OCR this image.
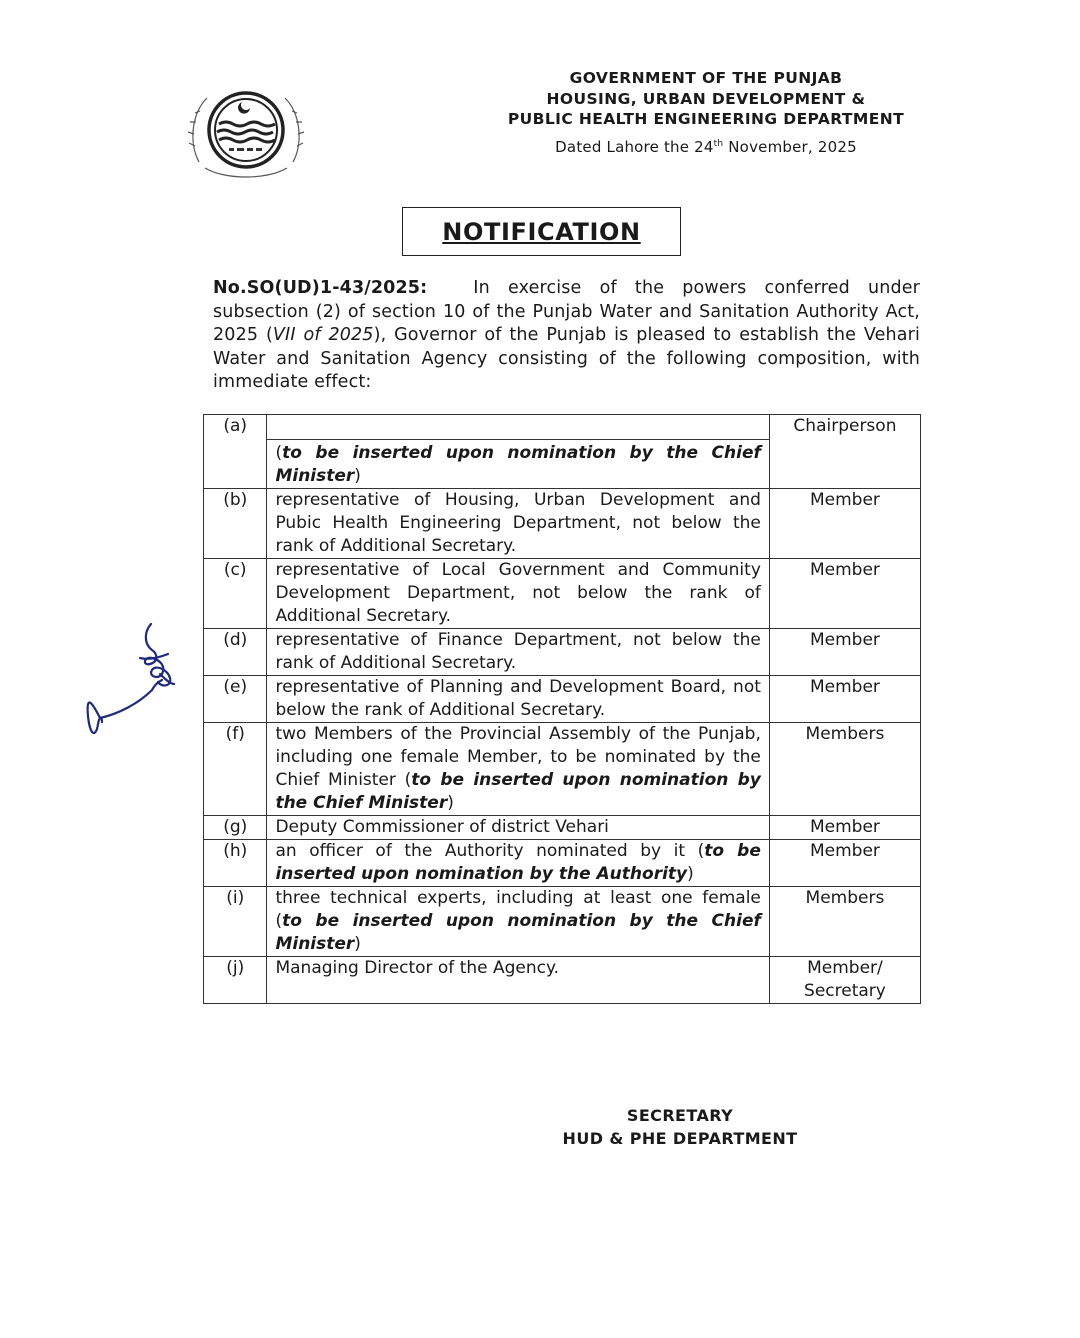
GOVERNMENT OF THE PUNJAB
HOUSING, URBAN DEVELOPMENT &
PUBLIC HEALTH ENGINEERING DEPARTMENT
Dated Lahore the 24th November, 2025
NOTIFICATION
No.SO(UD)1-43/2025:	In exercise of the powers conferred under subsection (2) of section 10 of the Punjab Water and Sanitation Authority Act, 2025 (VII of 2025), Governor of the Punjab is pleased to establish the Vehari Water and Sanitation Agency consisting of the following composition, with immediate effect:
(a)	(to be inserted upon nomination by the Chief Minister)	Chairperson
(b)	representative of Housing, Urban Development and Pubic Health Engineering Department, not below the rank of Additional Secretary.	Member
(c)	representative of Local Government and Community Development Department, not below the rank of Additional Secretary.	Member
(d)	representative of Finance Department, not below the rank of Additional Secretary.	Member
(e)	representative of Planning and Development Board, not below the rank of Additional Secretary.	Member
(f)	two Members of the Provincial Assembly of the Punjab, including one female Member, to be nominated by the Chief Minister (to be inserted upon nomination by the Chief Minister)	Members
(g)	Deputy Commissioner of district Vehari	Member
(h)	an officer of the Authority nominated by it (to be inserted upon nomination by the Authority)	Member
(i)	three technical experts, including at least one female (to be inserted upon nomination by the Chief Minister)	Members
(j)	Managing Director of the Agency.	Member/ Secretary
SECRETARY
HUD & PHE DEPARTMENT
